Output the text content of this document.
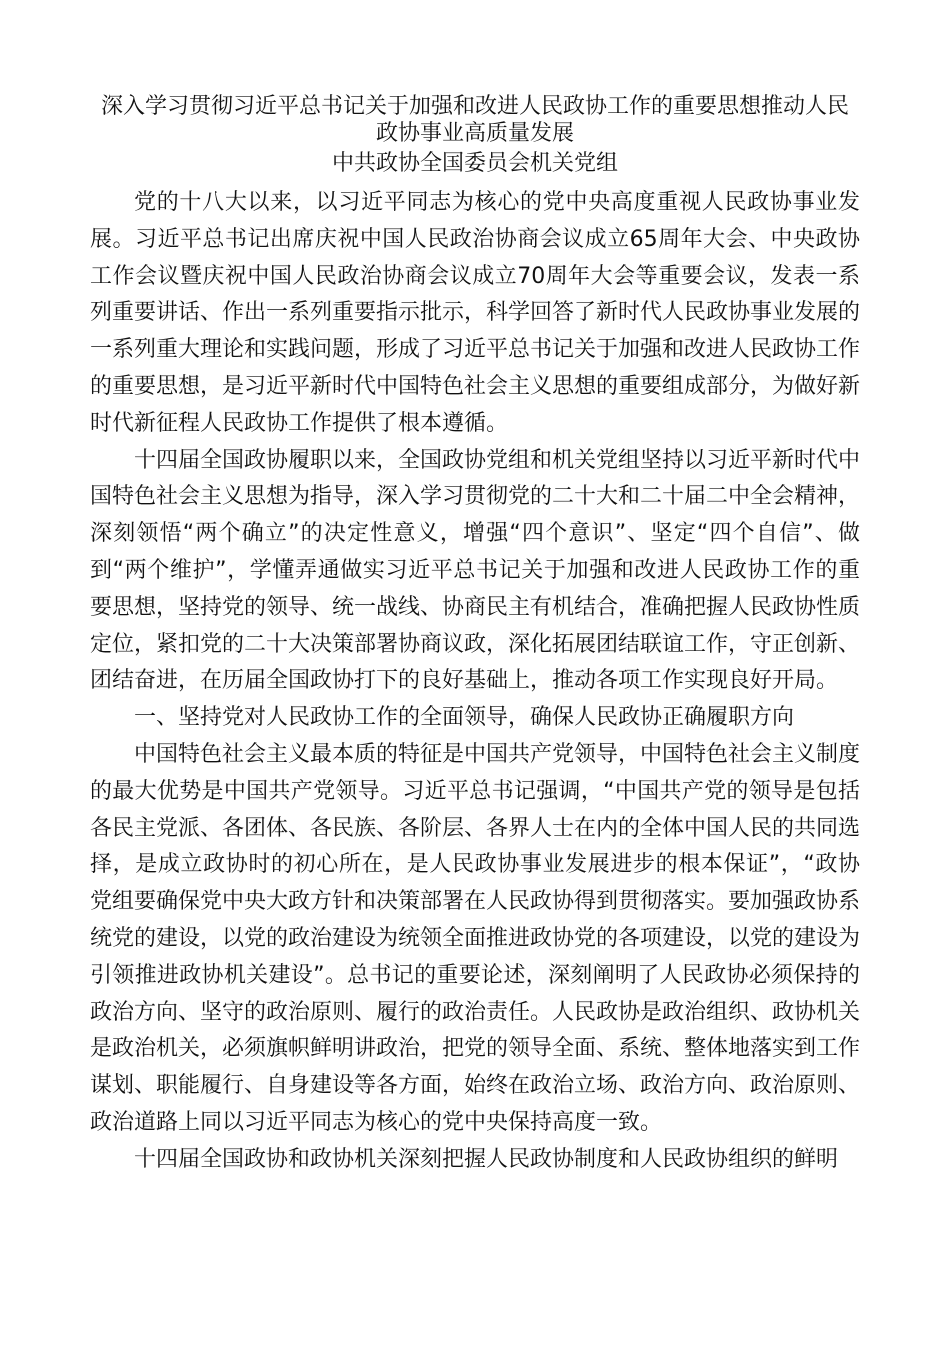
深入学习贯彻习近平总书记关于加强和改进人民政协工作的重要思想推动人民
政协事业高质量发展

中共政协全国委员会机关党组

党的十八大以来，以习近平同志为核心的党中央高度重视人民政协事业发展。习近平总书记出席庆祝中国人民政治协商会议成立65周年大会、中央政协工作会议暨庆祝中国人民政治协商会议成立70周年大会等重要会议，发表一系列重要讲话、作出一系列重要指示批示，科学回答了新时代人民政协事业发展的一系列重大理论和实践问题，形成了习近平总书记关于加强和改进人民政协工作的重要思想，是习近平新时代中国特色社会主义思想的重要组成部分，为做好新时代新征程人民政协工作提供了根本遵循。

十四届全国政协履职以来，全国政协党组和机关党组坚持以习近平新时代中国特色社会主义思想为指导，深入学习贯彻党的二十大和二十届二中全会精神，深刻领悟“两个确立”的决定性意义，增强“四个意识”、坚定“四个自信”、做到“两个维护”，学懂弄通做实习近平总书记关于加强和改进人民政协工作的重要思想，坚持党的领导、统一战线、协商民主有机结合，准确把握人民政协性质定位，紧扣党的二十大决策部署协商议政，深化拓展团结联谊工作，守正创新、团结奋进，在历届全国政协打下的良好基础上，推动各项工作实现良好开局。

一、坚持党对人民政协工作的全面领导，确保人民政协正确履职方向

中国特色社会主义最本质的特征是中国共产党领导，中国特色社会主义制度的最大优势是中国共产党领导。习近平总书记强调，“中国共产党的领导是包括各民主党派、各团体、各民族、各阶层、各界人士在内的全体中国人民的共同选择，是成立政协时的初心所在，是人民政协事业发展进步的根本保证”，“政协党组要确保党中央大政方针和决策部署在人民政协得到贯彻落实。要加强政协系统党的建设，以党的政治建设为统领全面推进政协党的各项建设，以党的建设为引领推进政协机关建设”。总书记的重要论述，深刻阐明了人民政协必须保持的政治方向、坚守的政治原则、履行的政治责任。人民政协是政治组织、政协机关是政治机关，必须旗帜鲜明讲政治，把党的领导全面、系统、整体地落实到工作谋划、职能履行、自身建设等各方面，始终在政治立场、政治方向、政治原则、政治道路上同以习近平同志为核心的党中央保持高度一致。

十四届全国政协和政协机关深刻把握人民政协制度和人民政协组织的鲜明
